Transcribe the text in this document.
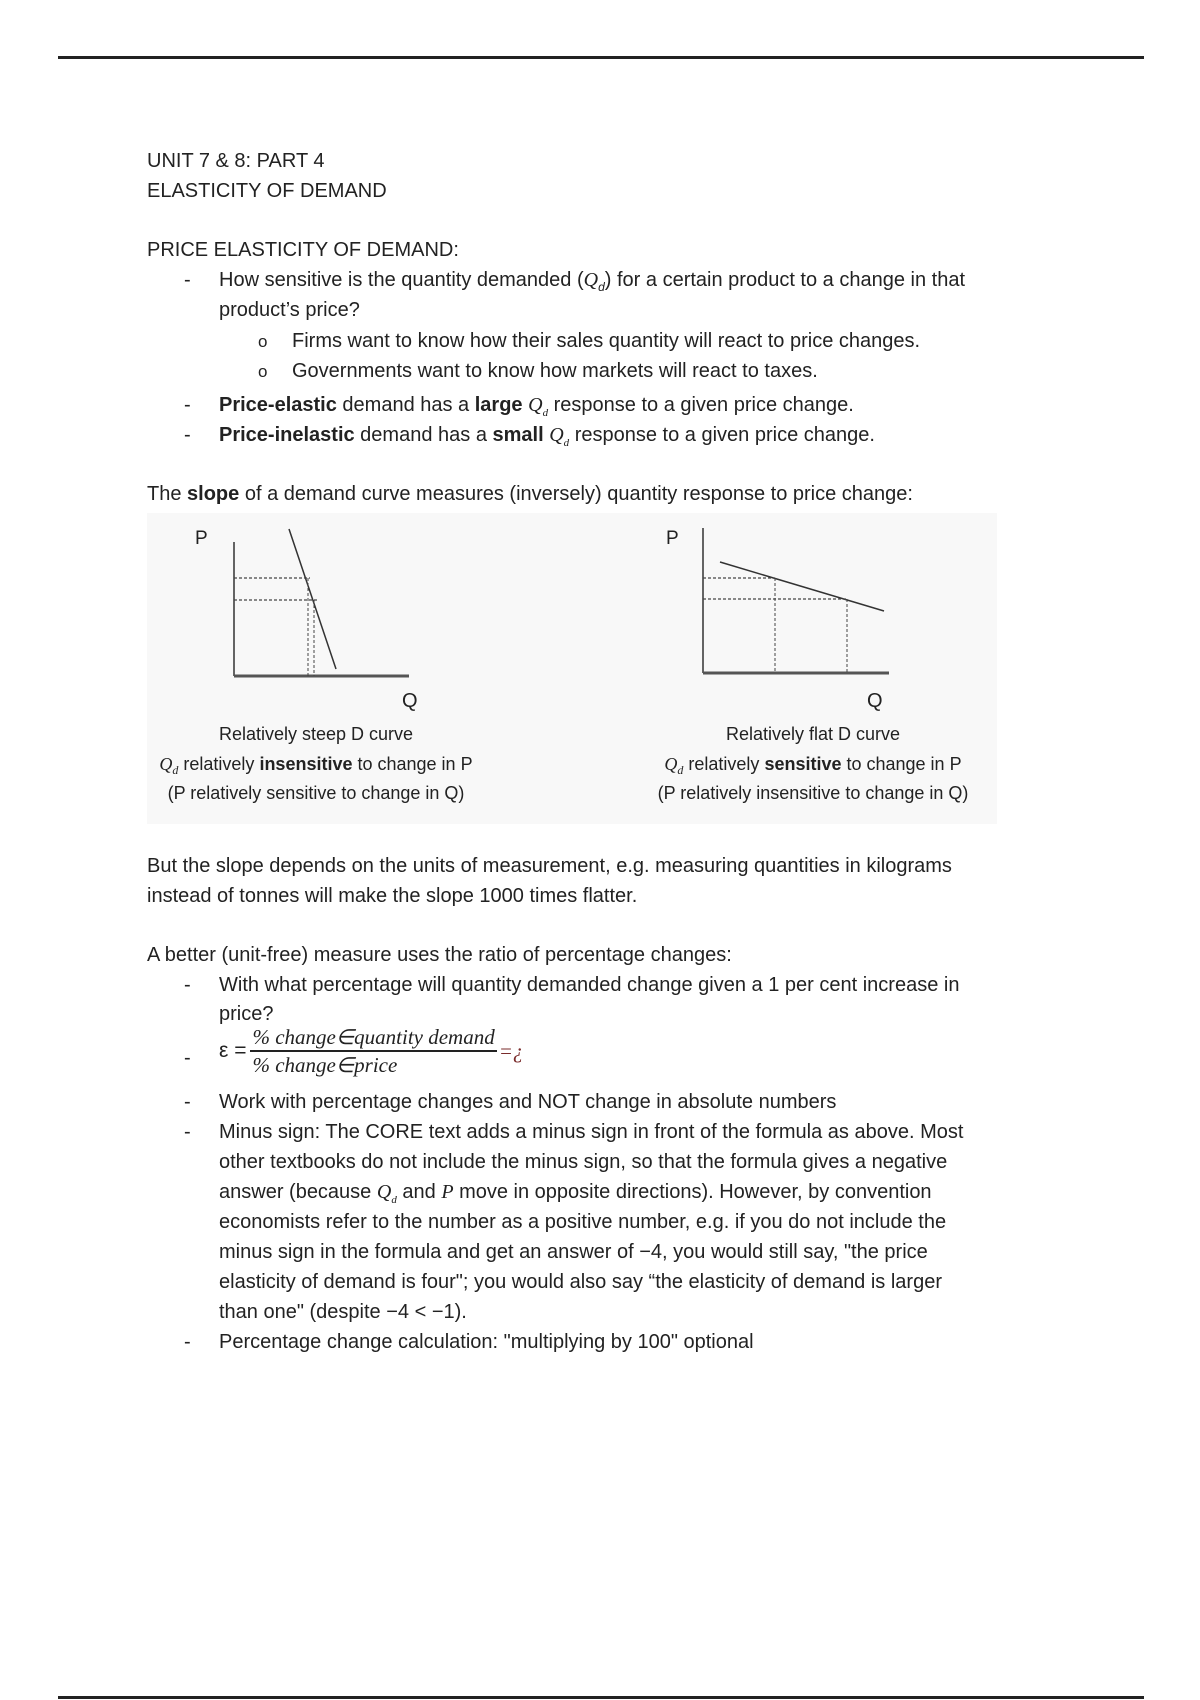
UNIT 7 & 8: PART 4
ELASTICITY OF DEMAND
PRICE ELASTICITY OF DEMAND:
- How sensitive is the quantity demanded $(Q_d)$ for a certain product to a change in that
product’s price?
o Firms want to know how their sales quantity will react to price changes.
o Governments want to know how markets will react to taxes.
- Price-elastic demand has a large $Q_d$ response to a given price change.
- Price-inelastic demand has a small $Q_d$ response to a given price change.
The slope of a demand curve measures (inversely) quantity response to price change:
P
Q
Relatively steep D curve
$Q_d$ relatively insensitive to change in P
(P relatively sensitive to change in Q)
P
Q
Relatively flat D curve
$Q_d$ relatively sensitive to change in P
(P relatively insensitive to change in Q)
But the slope depends on the units of measurement, e.g. measuring quantities in kilograms
instead of tonnes will make the slope 1000 times flatter.
A better (unit-free) measure uses the ratio of percentage changes:
- With what percentage will quantity demanded change given a 1 per cent increase in
price?
- $\varepsilon = \frac{\text{\% change∈quantity demand}}{\text{\% change∈price}}$ =¿
- Work with percentage changes and NOT change in absolute numbers
- Minus sign: The CORE text adds a minus sign in front of the formula as above. Most
other textbooks do not include the minus sign, so that the formula gives a negative
answer (because $Q_d$ and P move in opposite directions). However, by convention
economists refer to the number as a positive number, e.g. if you do not include the
minus sign in the formula and get an answer of −4, you would still say, "the price
elasticity of demand is four"; you would also say “the elasticity of demand is larger
than one" (despite −4 < −1).
- Percentage change calculation: "multiplying by 100" optional
